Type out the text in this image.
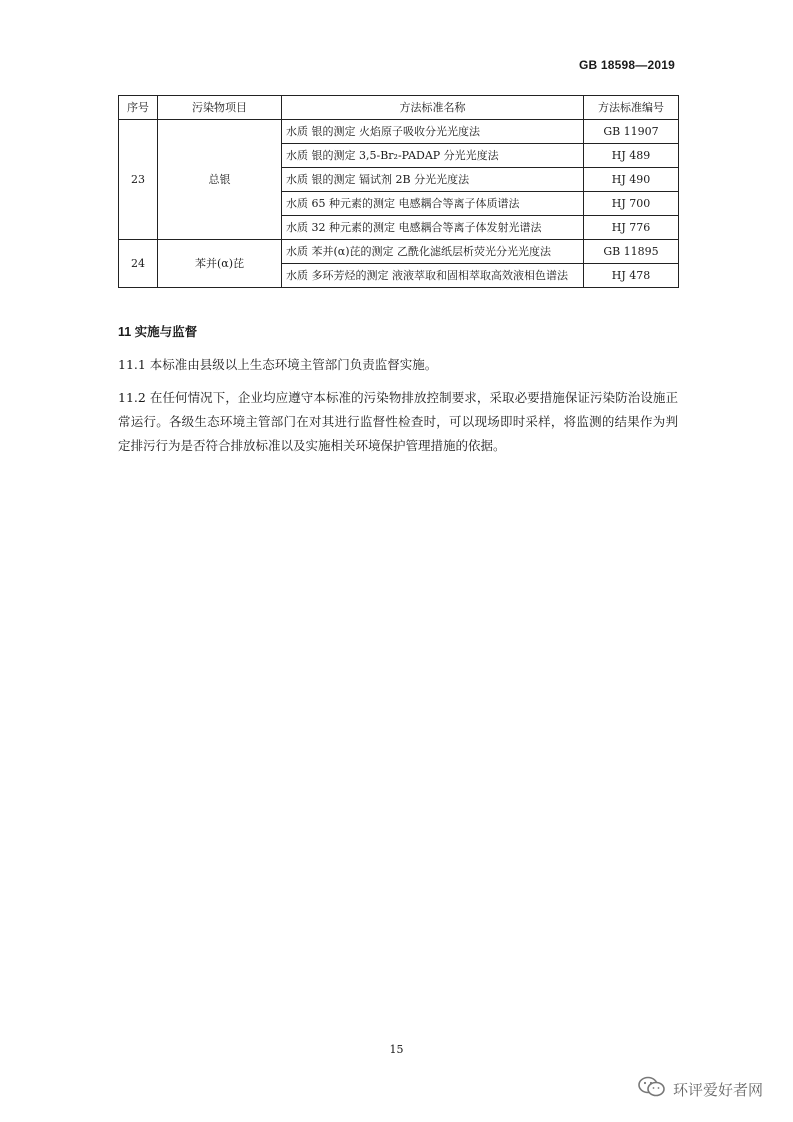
GB 18598—2019
序号	污染物项目	方法标准名称	方法标准编号
23	总银	水质 银的测定 火焰原子吸收分光光度法	GB 11907
		水质 银的测定 3,5-Br₂-PADAP 分光光度法	HJ 489
		水质 银的测定 镉试剂 2B 分光光度法	HJ 490
		水质 65 种元素的测定 电感耦合等离子体质谱法	HJ 700
		水质 32 种元素的测定 电感耦合等离子体发射光谱法	HJ 776
24	苯并(α)芘	水质 苯并(α)芘的测定 乙酰化滤纸层析荧光分光光度法	GB 11895
		水质 多环芳烃的测定 液液萃取和固相萃取高效液相色谱法	HJ 478
11 实施与监督
11.1 本标准由县级以上生态环境主管部门负责监督实施。
11.2 在任何情况下，企业均应遵守本标准的污染物排放控制要求，采取必要措施保证污染防治设施正常运行。各级生态环境主管部门在对其进行监督性检查时，可以现场即时采样，将监测的结果作为判定排污行为是否符合排放标准以及实施相关环境保护管理措施的依据。
15
环评爱好者网
